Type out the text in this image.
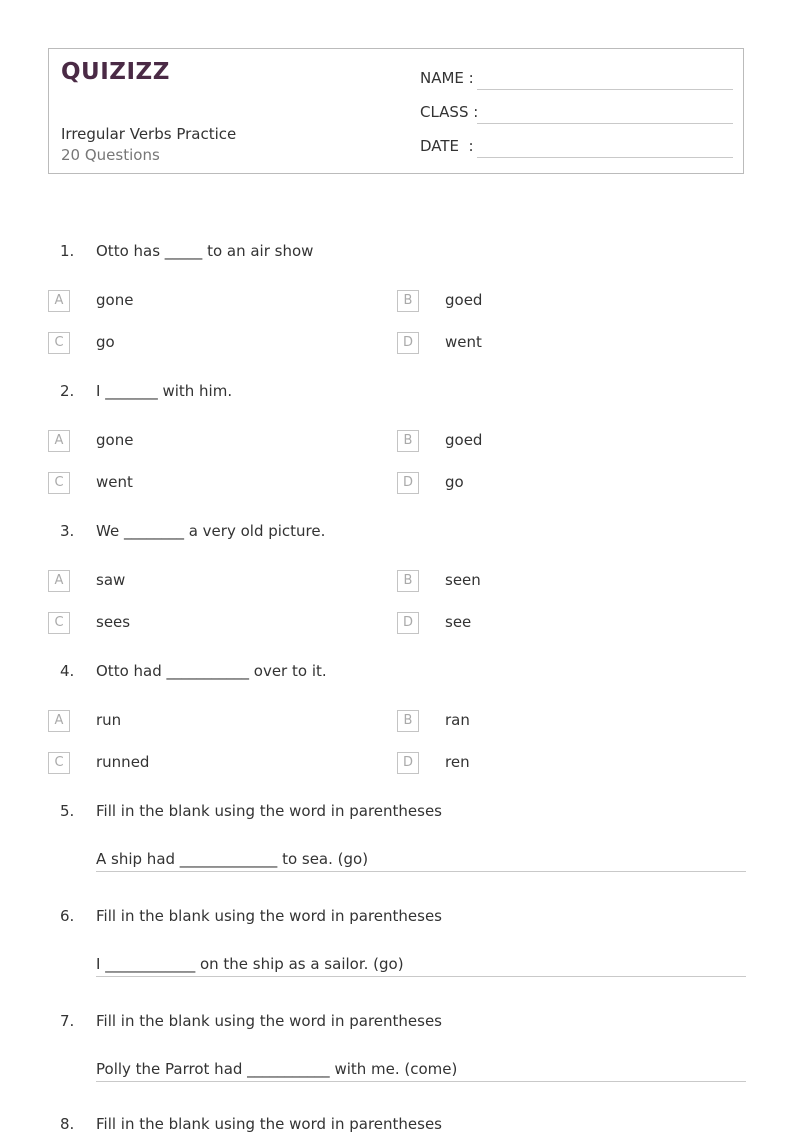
QUIZIZZ
Irregular Verbs Practice
20 Questions
NAME :
CLASS :
DATE  :
1. Otto has _____ to an air show
A	gone	B	goed
C	go	D	went
2. I _______ with him.
A	gone	B	goed
C	went	D	go
3. We ________ a very old picture.
A	saw	B	seen
C	sees	D	see
4. Otto had ___________ over to it.
A	run	B	ran
C	runned	D	ren
5. Fill in the blank using the word in parentheses
A ship had _____________ to sea. (go)
6. Fill in the blank using the word in parentheses
I ____________ on the ship as a sailor. (go)
7. Fill in the blank using the word in parentheses
Polly the Parrot had ___________ with me. (come)
8. Fill in the blank using the word in parentheses
